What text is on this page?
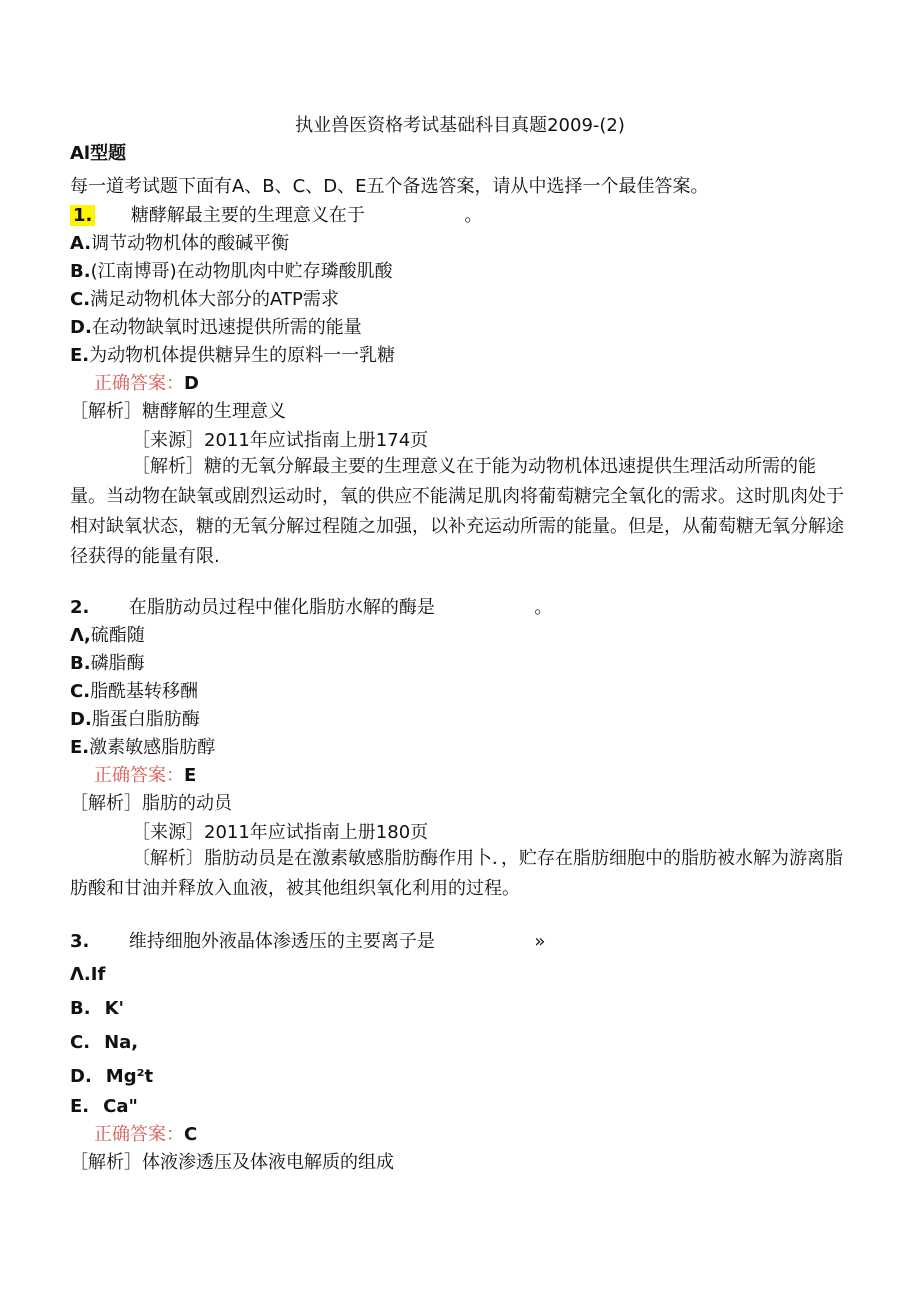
执业兽医资格考试基础科目真题2009-(2)
Al型题
每一道考试题下面有A、B、C、D、E五个备选答案，请从中选择一个最佳答案。
1. 糖酵解最主要的生理意义在于	。
A.调节动物机体的酸碱平衡
B.(江南博哥)在动物肌肉中贮存璘酸肌酸
C.满足动物机体大部分的ATP需求
D.在动物缺氧时迅速提供所需的能量
E.为动物机体提供糖异生的原料一一乳糖
正确答案：D
［解析］糖酵解的生理意义
［来源］2011年应试指南上册174页
［解析］糖的无氧分解最主要的生理意义在于能为动物机体迅速提供生理活动所需的能量。当动物在缺氧或剧烈运动时，氧的供应不能满足肌肉将葡萄糖完全氧化的需求。这时肌肉处于相对缺氧状态，糖的无氧分解过程随之加强，以补充运动所需的能量。但是，从葡萄糖无氧分解途径获得的能量有限.
2. 在脂肪动员过程中催化脂肪水解的酶是	。
Λ,硫酯随
B.磷脂酶
C.脂酰基转移酬
D.脂蛋白脂肪酶
E.激素敏感脂肪醇
正确答案：E
［解析］脂肪的动员
［来源］2011年应试指南上册180页
〔解析〕脂肪动员是在激素敏感脂肪酶作用卜．，贮存在脂肪细胞中的脂肪被水解为游离脂肪酸和甘油并释放入血液，被其他组织氧化利用的过程。
3. 维持细胞外液晶体渗透压的主要离子是	»
Λ.If
B. K'
C. Na,
D. Mg²t
E. Ca"
正确答案：C
［解析］体液渗透压及体液电解质的组成
